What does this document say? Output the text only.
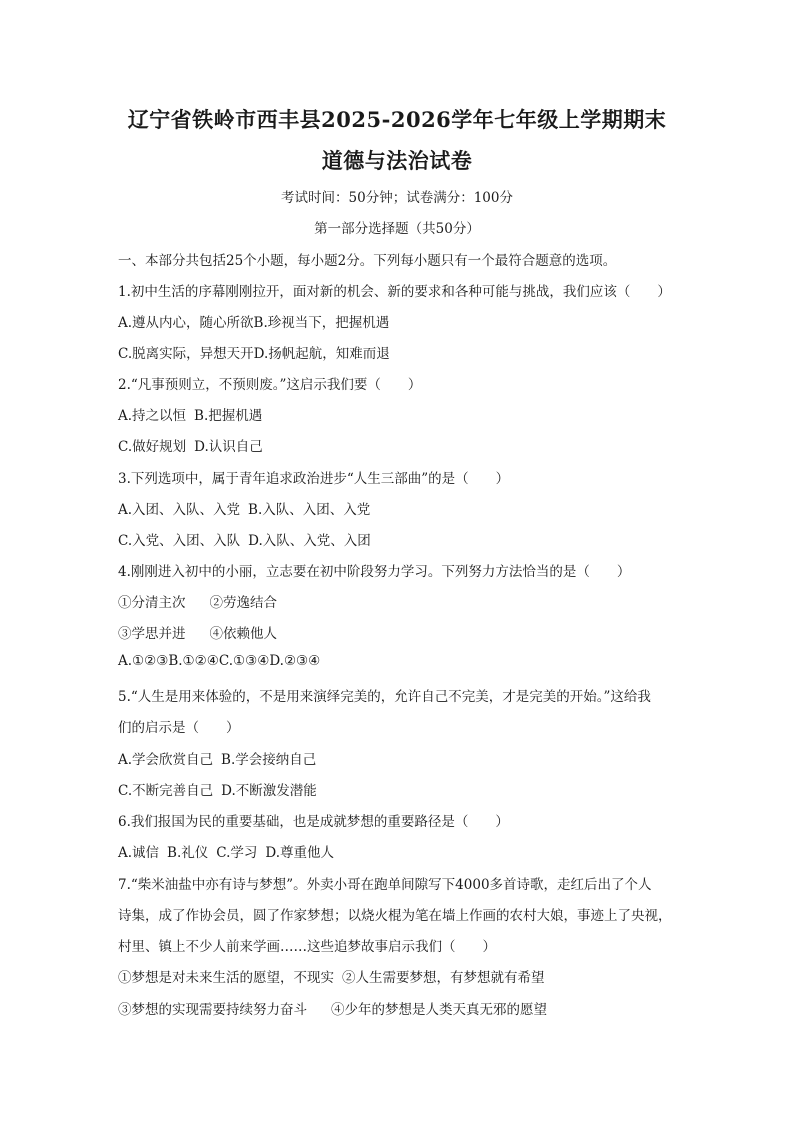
辽宁省铁岭市西丰县2025-2026学年七年级上学期期末
道德与法治试卷
考试时间：50分钟；试卷满分：100分
第一部分选择题（共50分）
一、本部分共包括25个小题，每小题2分。下列每小题只有一个最符合题意的选项。
1.初中生活的序幕刚刚拉开，面对新的机会、新的要求和各种可能与挑战，我们应该（　　）
A.遵从内心，随心所欲B.珍视当下，把握机遇
C.脱离实际，异想天开D.扬帆起航，知难而退
2.“凡事预则立，不预则废。”这启示我们要（　　）
A.持之以恒 B.把握机遇
C.做好规划 D.认识自己
3.下列选项中，属于青年追求政治进步“人生三部曲”的是（　　）
A.入团、入队、入党 B.入队、入团、入党
C.入党、入团、入队 D.入队、入党、入团
4.刚刚进入初中的小丽，立志要在初中阶段努力学习。下列努力方法恰当的是（　　）
①分清主次 ②劳逸结合
③学思并进 ④依赖他人
A.①②③B.①②④C.①③④D.②③④
5.“人生是用来体验的，不是用来演绎完美的，允许自己不完美，才是完美的开始。”这给我
们的启示是（　　）
A.学会欣赏自己 B.学会接纳自己
C.不断完善自己 D.不断激发潜能
6.我们报国为民的重要基础，也是成就梦想的重要路径是（　　）
A.诚信 B.礼仪 C.学习 D.尊重他人
7.“柴米油盐中亦有诗与梦想”。外卖小哥在跑单间隙写下4000多首诗歌，走红后出了个人
诗集，成了作协会员，圆了作家梦想；以烧火棍为笔在墙上作画的农村大娘，事迹上了央视，
村里、镇上不少人前来学画……这些追梦故事启示我们（　　）
①梦想是对未来生活的愿望，不现实 ②人生需要梦想，有梦想就有希望
③梦想的实现需要持续努力奋斗 ④少年的梦想是人类天真无邪的愿望
